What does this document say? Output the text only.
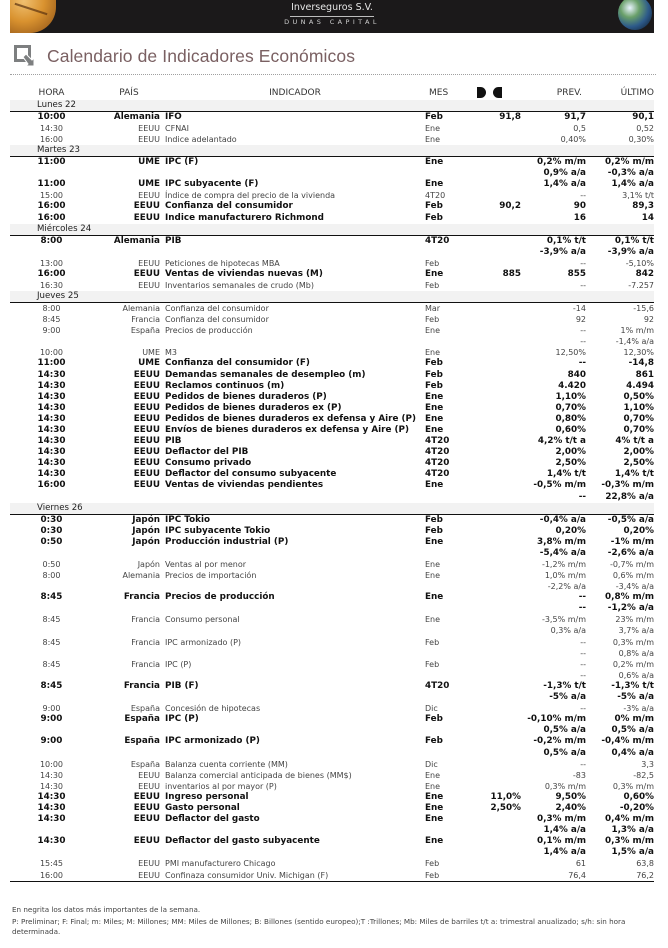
Inverseguros S.V.
DUNAS CAPITAL
Calendario de Indicadores Económicos
HORA	PAÍS	INDICADOR	MES		PREV.	ÚLTIMO
Lunes 22						
10:00	Alemania	IFO	Feb	91,8	91,7	90,1
14:30	EEUU	CFNAI	Ene		0,5	0,52
16:00	EEUU	Indice adelantado	Ene		0,40%	0,30%
Martes 23						
11:00	UME	IPC (F)	Ene		0,2% m/m	0,2% m/m
					0,9% a/a	-0,3% a/a
11:00	UME	IPC subyacente (F)	Ene		1,4% a/a	1,4% a/a
15:00	EEUU	Índice de compra del precio de la vivienda	4T20		--	3,1% t/t
16:00	EEUU	Confianza del consumidor	Feb	90,2	90	89,3
16:00	EEUU	Indice manufacturero Richmond	Feb		16	14
Miércoles 24						
8:00	Alemania	PIB	4T20		0,1% t/t	0,1% t/t
					-3,9% a/a	-3,9% a/a
13:00	EEUU	Peticiones de hipotecas MBA	Feb		--	-5,10%
16:00	EEUU	Ventas de viviendas nuevas (M)	Ene	885	855	842
16:30	EEUU	Inventarios semanales de crudo (Mb)	Feb		--	-7.257
Jueves 25						
8:00	Alemania	Confianza del consumidor	Mar		-14	-15,6
8:45	Francia	Confianza del consumidor	Feb		92	92
9:00	España	Precios de producción	Ene		--	1% m/m
					--	-1,4% a/a
10:00	UME	M3	Ene		12,50%	12,30%
11:00	UME	Confianza del consumidor (F)	Feb		--	-14,8
14:30	EEUU	Demandas semanales de desempleo (m)	Feb		840	861
14:30	EEUU	Reclamos continuos (m)	Feb		4.420	4.494
14:30	EEUU	Pedidos de bienes duraderos (P)	Ene		1,10%	0,50%
14:30	EEUU	Pedidos de bienes duraderos ex (P)	Ene		0,70%	1,10%
14:30	EEUU	Pedidos de bienes duraderos ex defensa y Aire (P)	Ene		0,80%	0,70%
14:30	EEUU	Envíos de bienes duraderos ex defensa y Aire (P)	Ene		0,60%	0,70%
14:30	EEUU	PIB	4T20		4,2% t/t a	4% t/t a
14:30	EEUU	Deflactor del PIB	4T20		2,00%	2,00%
14:30	EEUU	Consumo privado	4T20		2,50%	2,50%
14:30	EEUU	Deflactor del consumo subyacente	4T20		1,4% t/t	1,4% t/t
16:00	EEUU	Ventas de viviendas pendientes	Ene		-0,5% m/m	-0,3% m/m
					--	22,8% a/a
Viernes 26						
0:30	Japón	IPC Tokio	Feb		-0,4% a/a	-0,5% a/a
0:30	Japón	IPC subyacente Tokio	Feb		0,20%	0,20%
0:50	Japón	Producción industrial (P)	Ene		3,8% m/m	-1% m/m
					-5,4% a/a	-2,6% a/a
0:50	Japón	Ventas al por menor	Ene		-1,2% m/m	-0,7% m/m
8:00	Alemania	Precios de importación	Ene		1,0% m/m	0,6% m/m
					-2,2% a/a	-3,4% a/a
8:45	Francia	Precios de producción	Ene		--	0,8% m/m
					--	-1,2% a/a
8:45	Francia	Consumo personal	Ene		-3,5% m/m	23% m/m
					0,3% a/a	3,7% a/a
8:45	Francia	IPC armonizado (P)	Feb		--	0,3% m/m
					--	0,8% a/a
8:45	Francia	IPC (P)	Feb		--	0,2% m/m
					--	0,6% a/a
8:45	Francia	PIB (F)	4T20		-1,3% t/t	-1,3% t/t
					-5% a/a	-5% a/a
9:00	España	Concesión de hipotecas	Dic		--	-3% a/a
9:00	España	IPC (P)	Feb		-0,10% m/m	0% m/m
					0,5% a/a	0,5% a/a
9:00	España	IPC armonizado (P)	Feb		-0,2% m/m	-0,4% m/m
					0,5% a/a	0,4% a/a
10:00	España	Balanza cuenta corriente (MM)	Dic		--	3,3
14:30	EEUU	Balanza comercial anticipada de bienes (MM$)	Ene		-83	-82,5
14:30	EEUU	inventarios al por mayor (P)	Ene		0,3% m/m	0,3% m/m
14:30	EEUU	Ingreso personal	Ene	11,0%	9,50%	0,60%
14:30	EEUU	Gasto personal	Ene	2,50%	2,40%	-0,20%
14:30	EEUU	Deflactor del gasto	Ene		0,3% m/m	0,4% m/m
					1,4% a/a	1,3% a/a
14:30	EEUU	Deflactor del gasto subyacente	Ene		0,1% m/m	0,3% m/m
					1,4% a/a	1,5% a/a
15:45	EEUU	PMI manufacturero Chicago	Feb		61	63,8
16:00	EEUU	Confinaza consumidor Univ. Michigan (F)	Feb		76,4	76,2
En negrita los datos más importantes de la semana.
P: Preliminar; F: Final; m: Miles; M: Millones; MM: Miles de Millones; B: Billones (sentido europeo);T :Trillones; Mb: Miles de barriles t/t a: trimestral anualizado; s/h: sin hora determinada.
